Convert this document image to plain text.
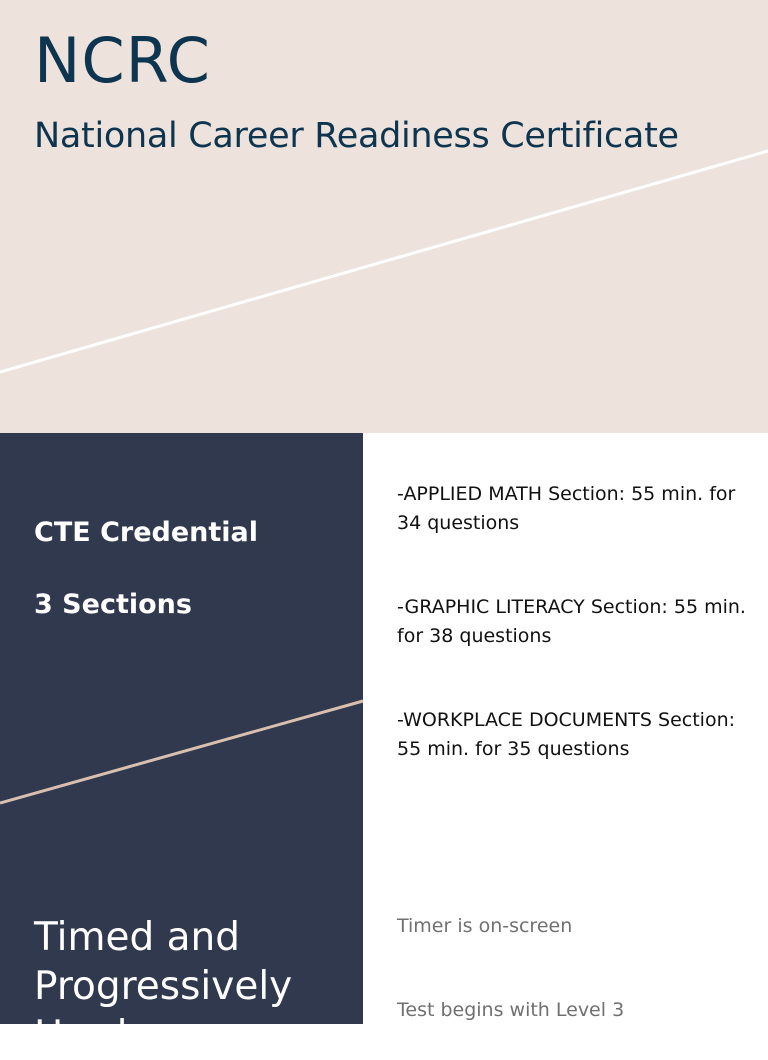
NCRC
National Career Readiness Certificate

CTE Credential

3 Sections

Timed and Progressively Harder

-APPLIED MATH Section: 55 min. for 34 questions

-GRAPHIC LITERACY Section: 55 min. for 38 questions

-WORKPLACE DOCUMENTS Section: 55 min. for 35 questions

Timer is on-screen

Test begins with Level 3
